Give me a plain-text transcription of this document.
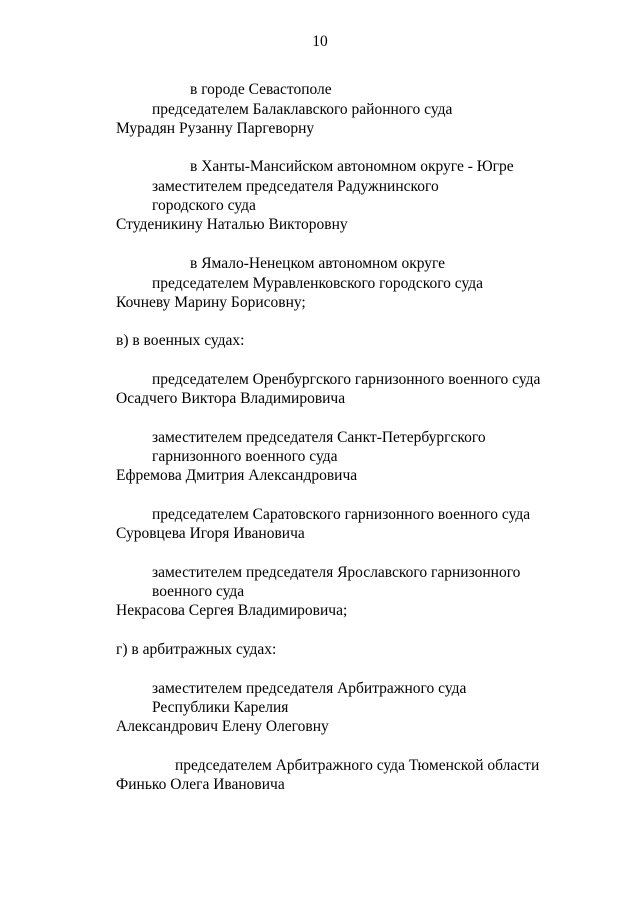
10
в городе Севастополе
председателем Балаклавского районного суда
Мурадян Рузанну Паргеворну
в Ханты-Мансийском автономном округе - Югре
заместителем председателя Радужнинского
городского суда
Студеникину Наталью Викторовну
в Ямало-Ненецком автономном округе
председателем Муравленковского городского суда
Кочневу Марину Борисовну;
в) в военных судах:
председателем Оренбургского гарнизонного военного суда
Осадчего Виктора Владимировича
заместителем председателя Санкт-Петербургского
гарнизонного военного суда
Ефремова Дмитрия Александровича
председателем Саратовского гарнизонного военного суда
Суровцева Игоря Ивановича
заместителем председателя Ярославского гарнизонного
военного суда
Некрасова Сергея Владимировича;
г) в арбитражных судах:
заместителем председателя Арбитражного суда
Республики Карелия
Александрович Елену Олеговну
председателем Арбитражного суда Тюменской области
Финько Олега Ивановича
